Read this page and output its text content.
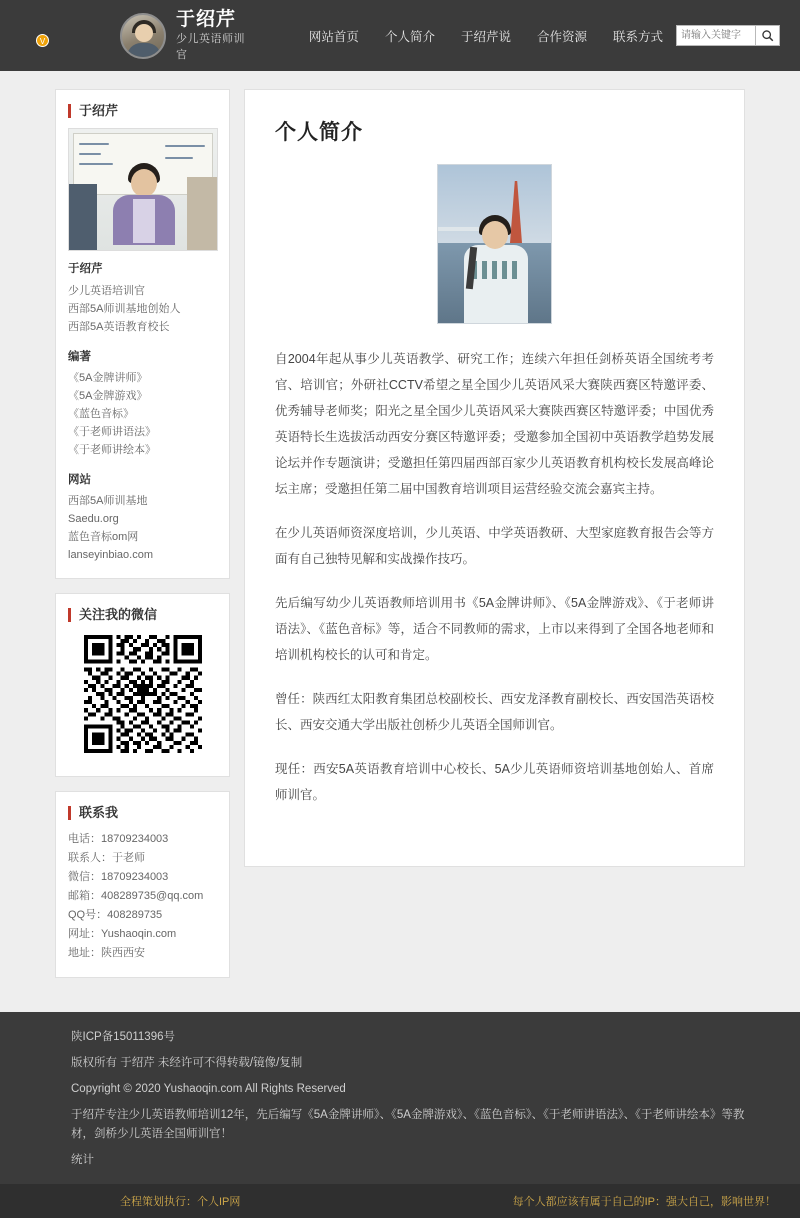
V
于绍芹
少儿英语师训官
网站首页	个人简介	于绍芹说	合作资源	联系方式
请输入关键字
于绍芹
于绍芹
少儿英语培训官
西部5A师训基地创始人
西部5A英语教育校长
编著
《5A金牌讲师》
《5A金牌游戏》
《蓝色音标》
《于老师讲语法》
《于老师讲绘本》
网站
西部5A师训基地
Saedu.org
蓝色音标om网
lanseyinbiao.com
关注我的微信
联系我
电话：18709234003
联系人：于老师
微信：18709234003
邮箱：408289735@qq.com
QQ号：408289735
网址：Yushaoqin.com
地址：陕西西安
个人简介

自2004年起从事少儿英语教学、研究工作；连续六年担任剑桥英语全国统考考官、培训官；外研社CCTV希望之星全国少儿英语风采大赛陕西赛区特邀评委、优秀辅导老师奖；阳光之星全国少儿英语风采大赛陕西赛区特邀评委；中国优秀英语特长生选拔活动西安分赛区特邀评委；受邀参加全国初中英语教学趋势发展论坛并作专题演讲；受邀担任第四届西部百家少儿英语教育机构校长发展高峰论坛主席；受邀担任第二届中国教育培训项目运营经验交流会嘉宾主持。

在少儿英语师资深度培训，少儿英语、中学英语教研、大型家庭教育报告会等方面有自己独特见解和实战操作技巧。

先后编写幼少儿英语教师培训用书《5A金牌讲师》、《5A金牌游戏》、《于老师讲语法》、《蓝色音标》等，适合不同教师的需求，上市以来得到了全国各地老师和培训机构校长的认可和肯定。

曾任：陕西红太阳教育集团总校副校长、西安龙泽教育副校长、西安国浩英语校长、西安交通大学出版社创桥少儿英语全国师训官。

现任：西安5A英语教育培训中心校长、5A少儿英语师资培训基地创始人、首席师训官。

陕ICP备15011396号

版权所有 于绍芹 未经许可不得转载/镜像/复制

Copyright © 2020 Yushaoqin.com All Rights Reserved

于绍芹专注少儿英语教师培训12年，先后编写《5A金牌讲师》、《5A金牌游戏》、《蓝色音标》、《于老师讲语法》、《于老师讲绘本》等教材，剑桥少儿英语全国师训官！

统计

全程策划执行：个人IP网	每个人都应该有属于自己的IP：强大自己，影响世界！
